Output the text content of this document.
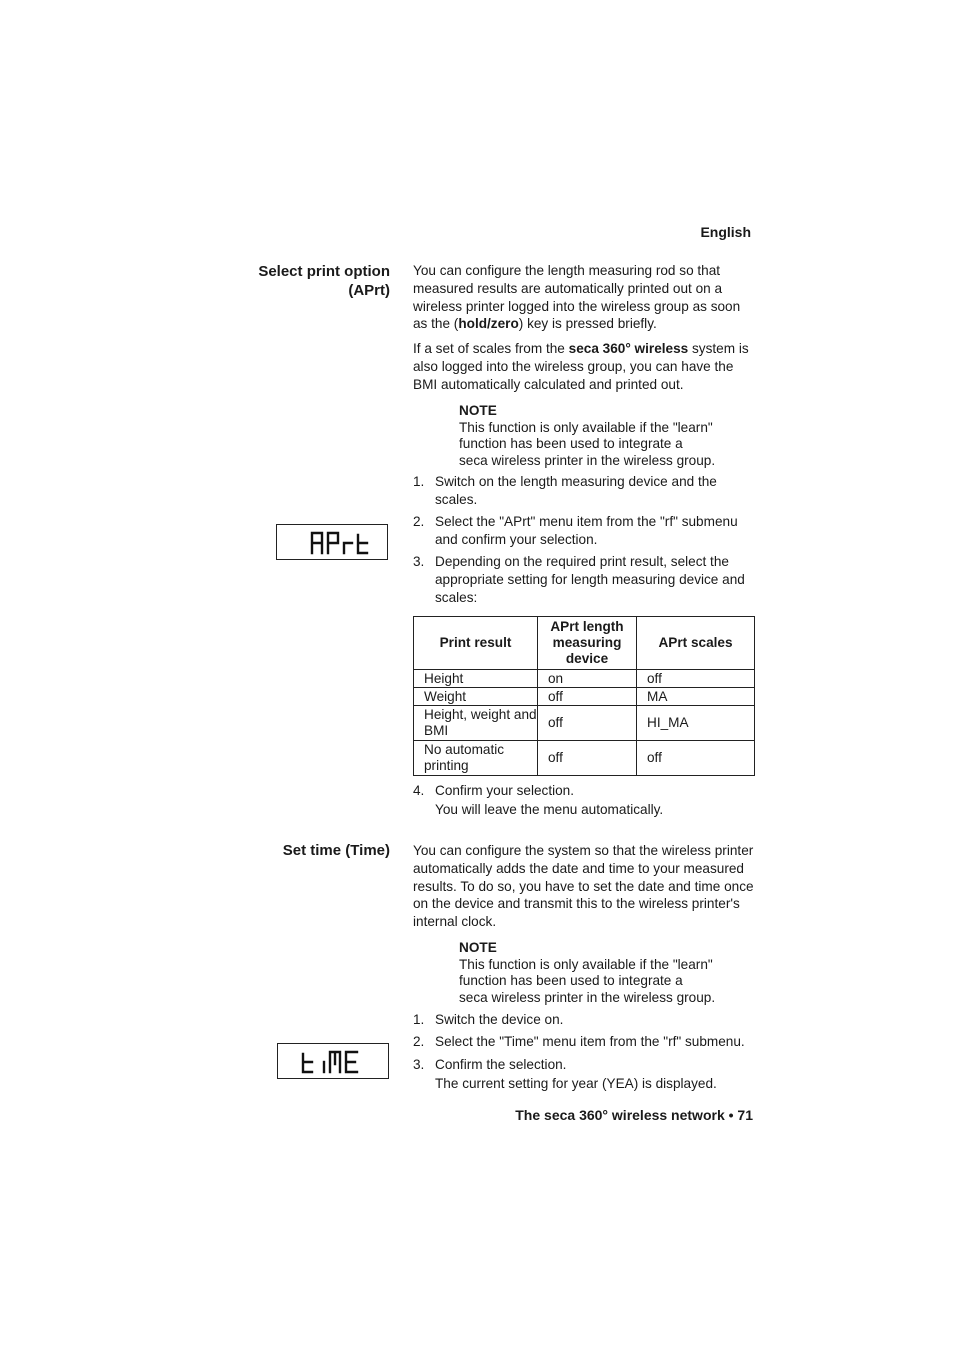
English
Select print option
(APrt)
You can configure the length measuring rod so that measured results are automatically printed out on a wireless printer logged into the wireless group as soon as the (hold/zero) key is pressed briefly.
If a set of scales from the seca 360° wireless system is also logged into the wireless group, you can have the BMI automatically calculated and printed out.
NOTE
This function is only available if the "learn"
function has been used to integrate a
seca wireless printer in the wireless group.
1. Switch on the length measuring device and the scales.
2. Select the "APrt" menu item from the "rf" submenu and confirm your selection.
3. Depending on the required print result, select the appropriate setting for length measuring device and scales:
Print result	APrt length measuring device	APrt scales
Height	on	off
Weight	off	MA
Height, weight and BMI	off	HI_MA
No automatic printing	off	off
4. Confirm your selection.
You will leave the menu automatically.
Set time (Time) You can configure the system so that the wireless printer automatically adds the date and time to your measured results. To do so, you have to set the date and time once on the device and transmit this to the wireless printer's internal clock.
NOTE
This function is only available if the "learn"
function has been used to integrate a
seca wireless printer in the wireless group.
1. Switch the device on.
2. Select the "Time" menu item from the "rf" submenu.
3. Confirm the selection.
The current setting for year (YEA) is displayed.
The seca 360° wireless network • 71
